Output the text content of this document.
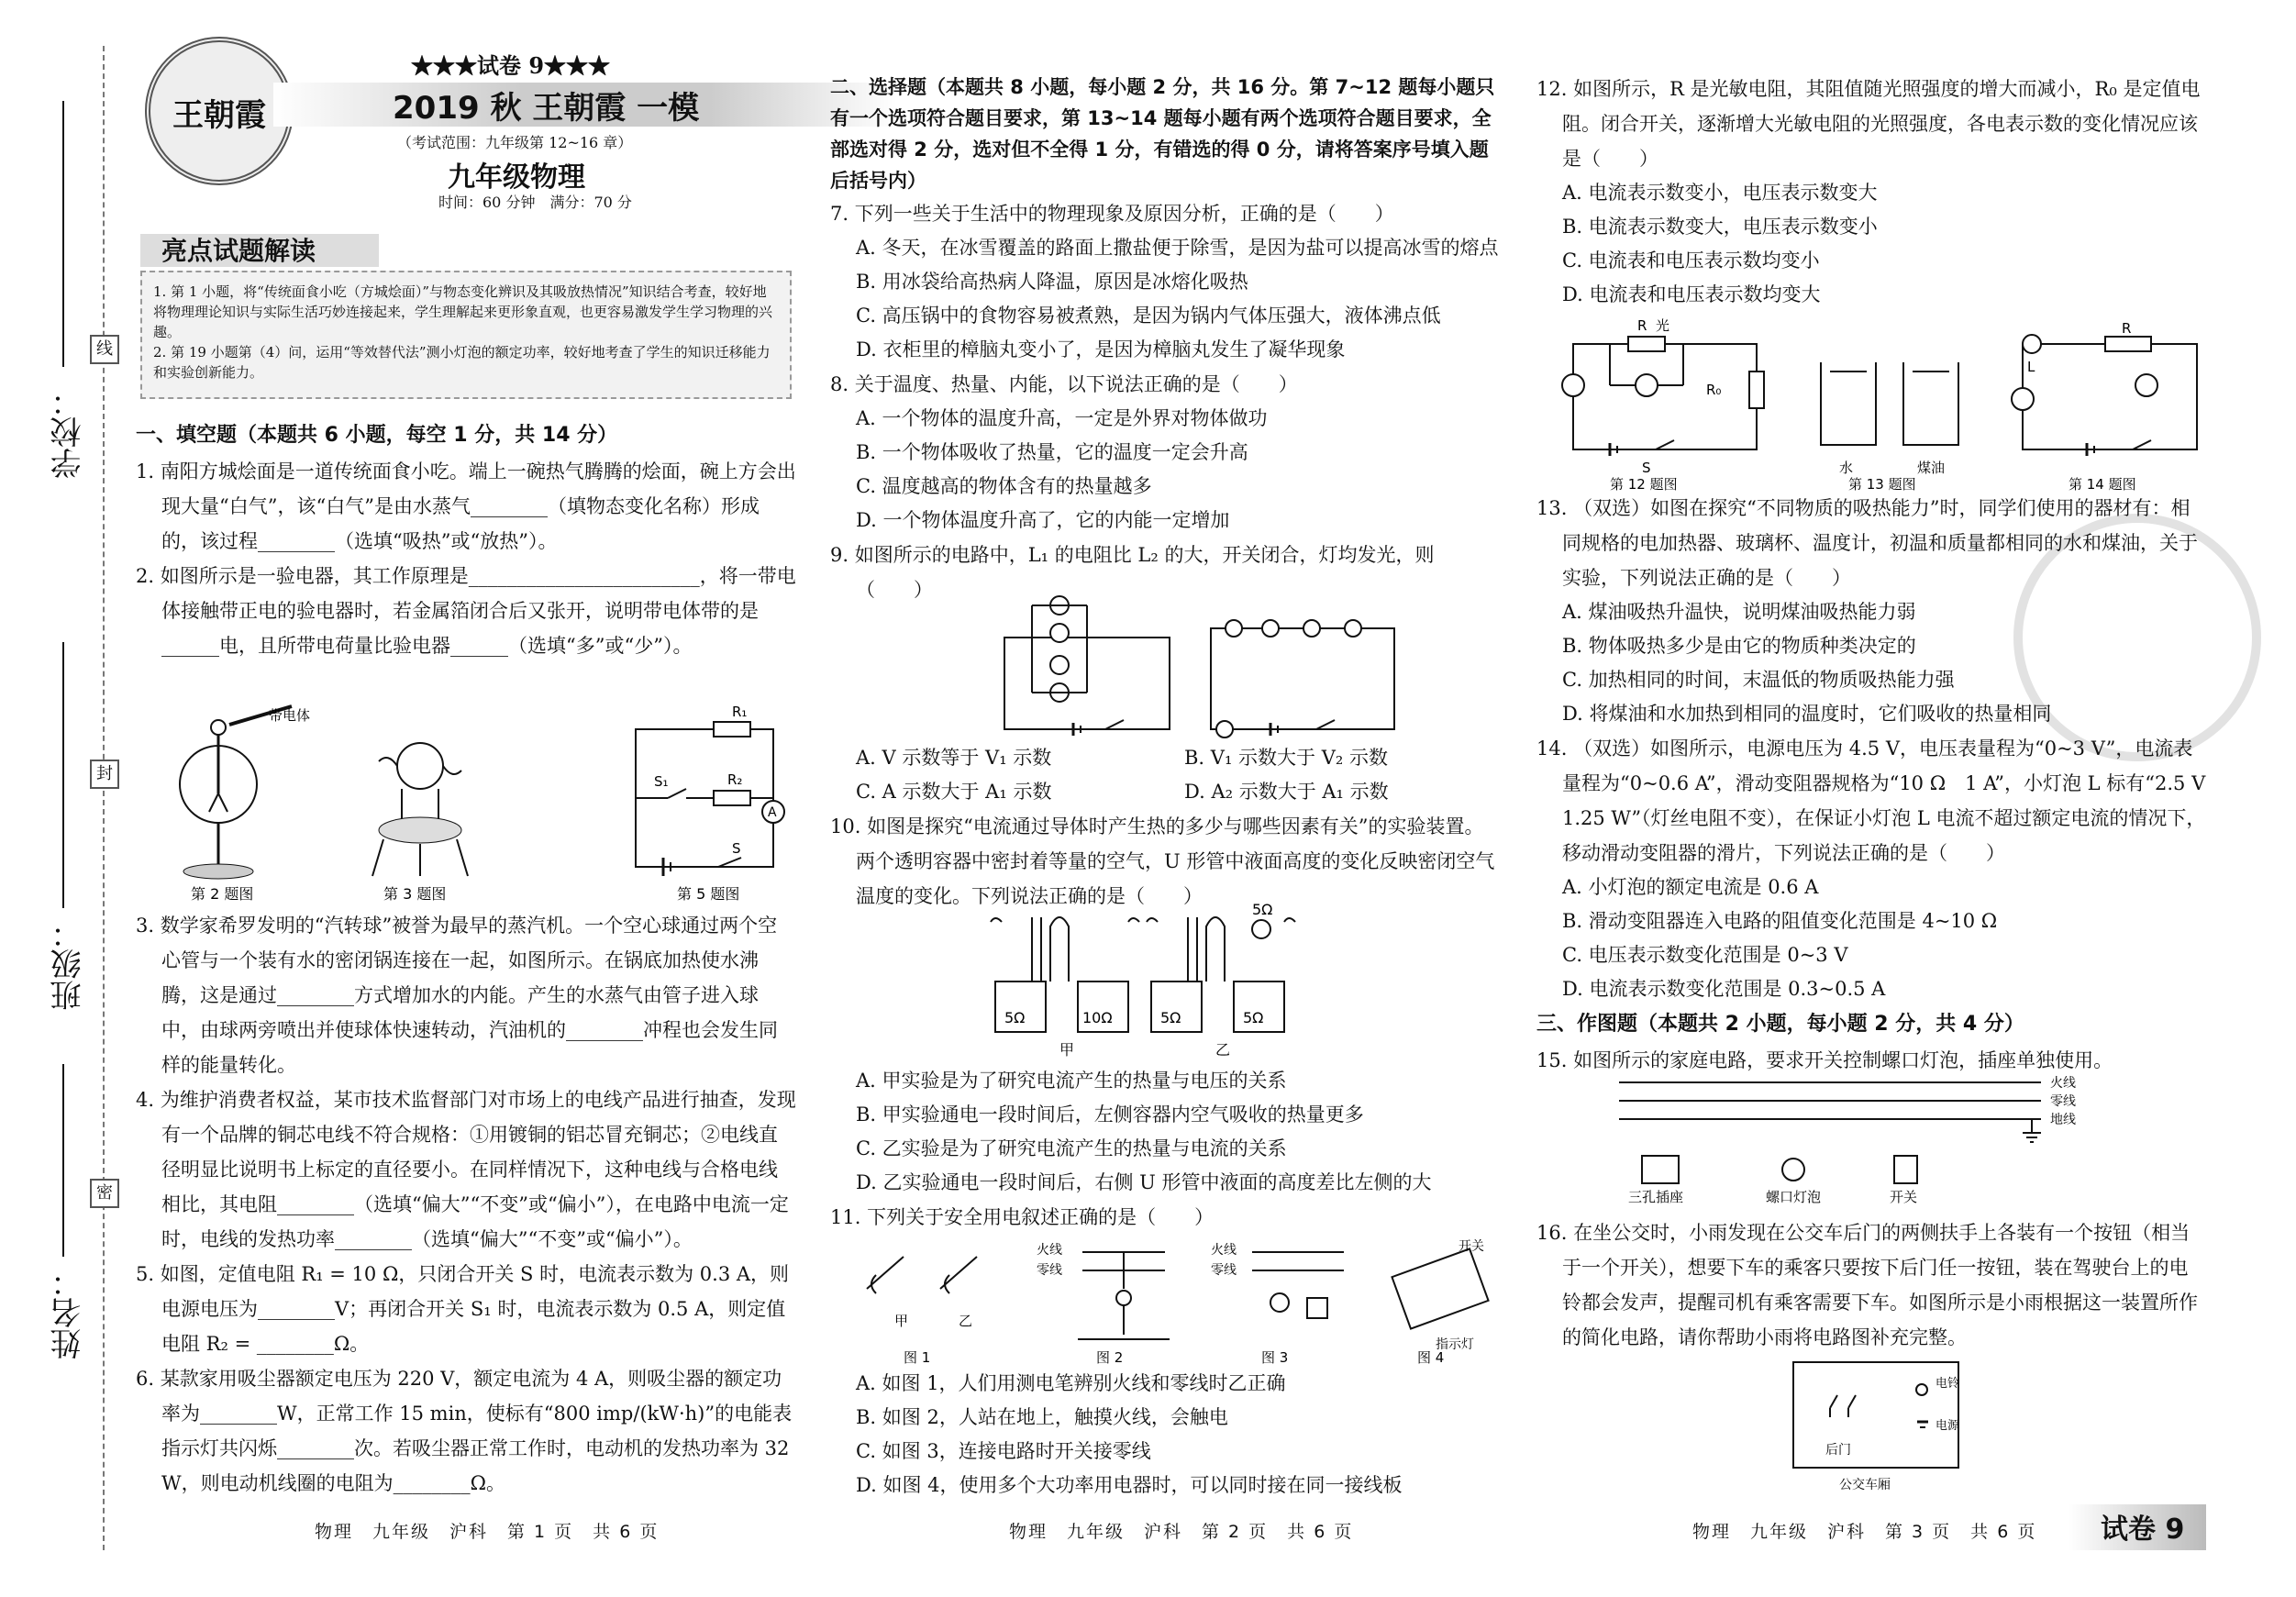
学校：
班级：
姓名：
线
封
密
王朝霞
★★★试卷 9★★★
2019 秋 王朝霞 一模
（考试范围：九年级第 12~16 章）
九年级物理
时间：60 分钟　满分：70 分
亮点试题解读
1. 第 1 小题，将“传统面食小吃（方城烩面）”与物态变化辨识及其吸放热情况”知识结合考查，较好地将物理理论知识与实际生活巧妙连接起来，学生理解起来更形象直观，也更容易激发学生学习物理的兴趣。
2. 第 19 小题第（4）问，运用“等效替代法”测小灯泡的额定功率，较好地考查了学生的知识迁移能力和实验创新能力。

一、填空题（本题共 6 小题，每空 1 分，共 14 分）

1. 南阳方城烩面是一道传统面食小吃。端上一碗热气腾腾的烩面，碗上方会出现大量“白气”，该“白气”是由水蒸气________（填物态变化名称）形成的，该过程________（选填“吸热”或“放热”）。

2. 如图所示是一验电器，其工作原理是________________________，将一带电体接触带正电的验电器时，若金属箔闭合后又张开，说明带电体带的是______电，且所带电荷量比验电器______（选填“多”或“少”）。

带电体	R₁
R₂
S₁
S
A
第 2 题图	第 3 题图	第 5 题图

3. 数学家希罗发明的“汽转球”被誉为最早的蒸汽机。一个空心球通过两个空心管与一个装有水的密闭锅连接在一起，如图所示。在锅底加热使水沸腾，这是通过________方式增加水的内能。产生的水蒸气由管子进入球中，由球两旁喷出并使球体快速转动，汽油机的________冲程也会发生同样的能量转化。

4. 为维护消费者权益，某市技术监督部门对市场上的电线产品进行抽查，发现有一个品牌的铜芯电线不符合规格：①用镀铜的铝芯冒充铜芯；②电线直径明显比说明书上标定的直径要小。在同样情况下，这种电线与合格电线相比，其电阻________（选填“偏大”“不变”或“偏小”），在电路中电流一定时，电线的发热功率________（选填“偏大”“不变”或“偏小”）。

5. 如图，定值电阻 R₁ = 10 Ω，只闭合开关 S 时，电流表示数为 0.3 A，则电源电压为________V；再闭合开关 S₁ 时，电流表示数为 0.5 A，则定值电阻 R₂ = ________Ω。

6. 某款家用吸尘器额定电压为 220 V，额定电流为 4 A，则吸尘器的额定功率为________W，正常工作 15 min，使标有“800 imp/(kW·h)”的电能表指示灯共闪烁________次。若吸尘器正常工作时，电动机的发热功率为 32 W，则电动机线圈的电阻为________Ω。

物理　九年级　沪科　第 1 页　共 6 页

二、选择题（本题共 8 小题，每小题 2 分，共 16 分。第 7~12 题每小题只有一个选项符合题目要求，第 13~14 题每小题有两个选项符合题目要求，全部选对得 2 分，选对但不全得 1 分，有错选的得 0 分，请将答案序号填入题后括号内）

7. 下列一些关于生活中的物理现象及原因分析，正确的是（　　）

A. 冬天，在冰雪覆盖的路面上撒盐便于除雪，是因为盐可以提高冰雪的熔点

B. 用冰袋给高热病人降温，原因是冰熔化吸热

C. 高压锅中的食物容易被煮熟，是因为锅内气体压强大，液体沸点低

D. 衣柜里的樟脑丸变小了，是因为樟脑丸发生了凝华现象

8. 关于温度、热量、内能，以下说法正确的是（　　）

A. 一个物体的温度升高，一定是外界对物体做功

B. 一个物体吸收了热量，它的温度一定会升高

C. 温度越高的物体含有的热量越多

D. 一个物体温度升高了，它的内能一定增加

9. 如图所示的电路中，L₁ 的电阻比 L₂ 的大，开关闭合，灯均发光，则（　　）

A. V 示数等于 V₁ 示数	B. V₁ 示数大于 V₂ 示数

C. A 示数大于 A₁ 示数	D. A₂ 示数大于 A₁ 示数

10. 如图是探究“电流通过导体时产生热的多少与哪些因素有关”的实验装置。两个透明容器中密封着等量的空气，U 形管中液面高度的变化反映密闭空气温度的变化。下列说法正确的是（　　）

5Ω	10Ω	5Ω	5Ω
5Ω
甲	乙

A. 甲实验是为了研究电流产生的热量与电压的关系

B. 甲实验通电一段时间后，左侧容器内空气吸收的热量更多

C. 乙实验是为了研究电流产生的热量与电流的关系

D. 乙实验通电一段时间后，右侧 U 形管中液面的高度差比左侧的大

11. 下列关于安全用电叙述正确的是（　　）

火线
零线
火线
零线
甲	乙
开关
指示灯
图 1	图 2	图 3	图 4

A. 如图 1，人们用测电笔辨别火线和零线时乙正确

B. 如图 2，人站在地上，触摸火线，会触电

C. 如图 3，连接电路时开关接零线

D. 如图 4，使用多个大功率用电器时，可以同时接在同一接线板

物理　九年级　沪科　第 2 页　共 6 页

12. 如图所示，R 是光敏电阻，其阻值随光照强度的增大而减小，R₀ 是定值电阻。闭合开关，逐渐增大光敏电阻的光照强度，各电表示数的变化情况应该是（　　）

A. 电流表示数变小，电压表示数变大

B. 电流表示数变大，电压表示数变小

C. 电流表和电压表示数均变小

D. 电流表和电压表示数均变大

光
R
R₀
S	水	煤油
L
R
第 12 题图	第 13 题图	第 14 题图

13. （双选）如图在探究“不同物质的吸热能力”时，同学们使用的器材有：相同规格的电加热器、玻璃杯、温度计，初温和质量都相同的水和煤油，关于实验，下列说法正确的是（　　）

A. 煤油吸热升温快，说明煤油吸热能力弱

B. 物体吸热多少是由它的物质种类决定的

C. 加热相同的时间，末温低的物质吸热能力强

D. 将煤油和水加热到相同的温度时，它们吸收的热量相同

14. （双选）如图所示，电源电压为 4.5 V，电压表量程为“0~3 V”，电流表量程为“0~0.6 A”，滑动变阻器规格为“10 Ω　1 A”，小灯泡 L 标有“2.5 V　1.25 W”（灯丝电阻不变），在保证小灯泡 L 电流不超过额定电流的情况下，移动滑动变阻器的滑片，下列说法正确的是（　　）

A. 小灯泡的额定电流是 0.6 A

B. 滑动变阻器连入电路的阻值变化范围是 4~10 Ω

C. 电压表示数变化范围是 0~3 V

D. 电流表示数变化范围是 0.3~0.5 A

三、作图题（本题共 2 小题，每小题 2 分，共 4 分）

15. 如图所示的家庭电路，要求开关控制螺口灯泡，插座单独使用。

火线
零线
地线
三孔插座	螺口灯泡	开关

16. 在坐公交时，小雨发现在公交车后门的两侧扶手上各装有一个按钮（相当于一个开关），想要下车的乘客只要按下后门任一按钮，装在驾驶台上的电铃都会发声，提醒司机有乘客需要下车。如图所示是小雨根据这一装置所作的简化电路，请你帮助小雨将电路图补充完整。

电铃
电源
后门
公交车厢
物理　九年级　沪科　第 3 页　共 6 页 试卷 9
